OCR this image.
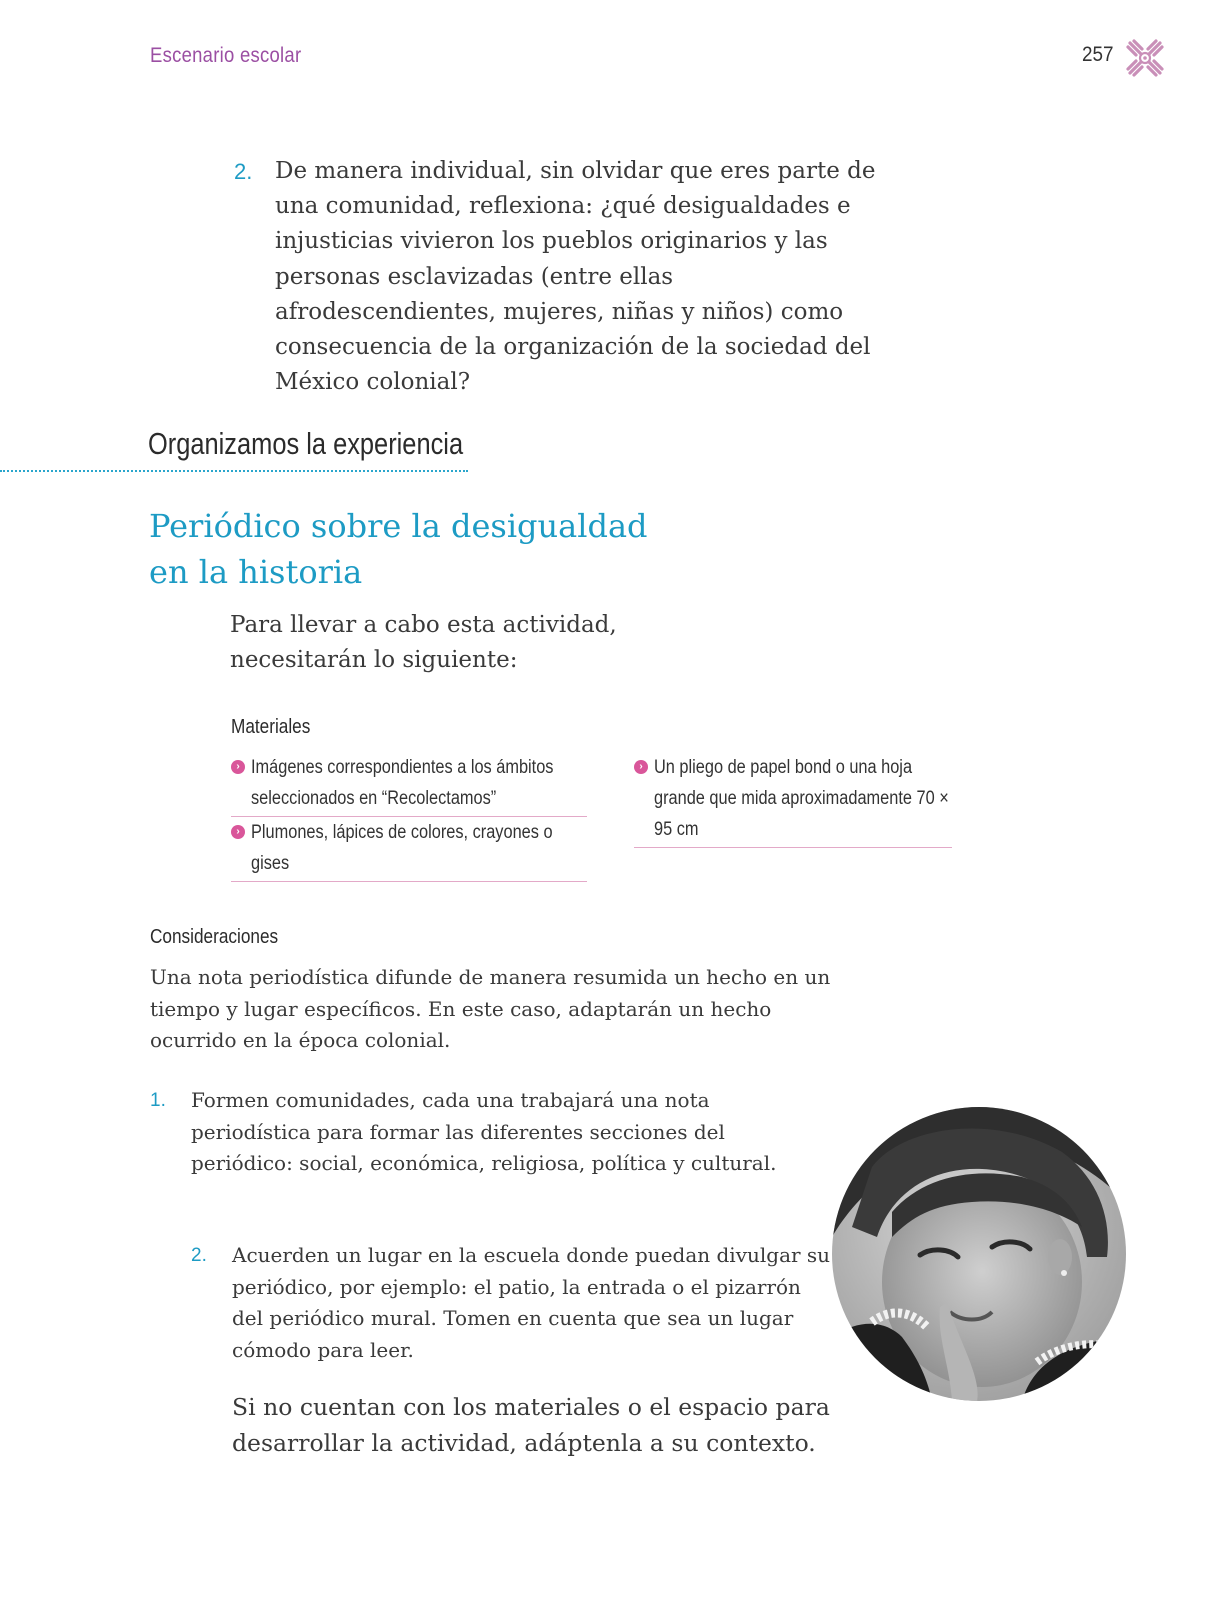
Escenario escolar	257
2. De manera individual, sin olvidar que eres parte de una comunidad, reflexiona: ¿qué desigualdades e injusticias vivieron los pueblos originarios y las personas esclavizadas (entre ellas afrodescendientes, mujeres, niñas y niños) como consecuencia de la organización de la sociedad del México colonial?
Organizamos la experiencia
Periódico sobre la desigualdad
en la historia
Para llevar a cabo esta actividad, necesitarán lo siguiente:
Materiales
› Imágenes correspondientes a los ámbitos seleccionados en “Recolectamos”
› Plumones, lápices de colores, crayones o gises
› Un pliego de papel bond o una hoja grande que mida aproximadamente 70 × 95 cm
Consideraciones
Una nota periodística difunde de manera resumida un hecho en un tiempo y lugar específicos. En este caso, adaptarán un hecho ocurrido en la época colonial.
1. Formen comunidades, cada una trabajará una nota periodística para formar las diferentes secciones del periódico: social, económica, religiosa, política y cultural.
2. Acuerden un lugar en la escuela donde puedan divulgar su periódico, por ejemplo: el patio, la entrada o el pizarrón del periódico mural. Tomen en cuenta que sea un lugar cómodo para leer.
Si no cuentan con los materiales o el espacio para desarrollar la actividad, adáptenla a su contexto.
